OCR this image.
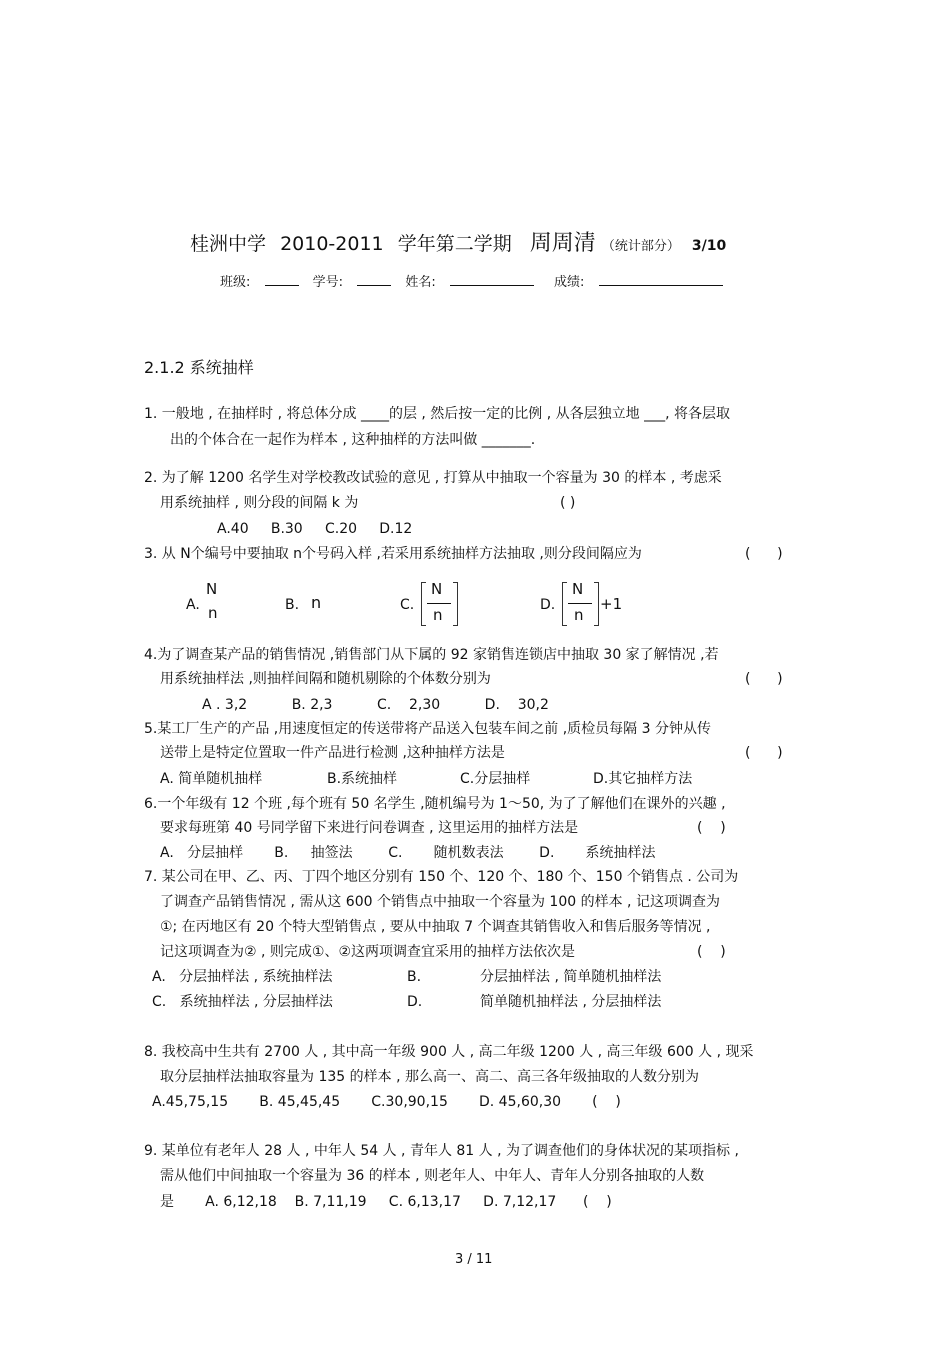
桂洲中学 2010-2011 学年第二学期 周周清 （统计部分） 3/10
班级:	学号:	姓名:	成绩:
2.1.2 系统抽样
1. 一般地 , 在抽样时 , 将总体分成 ____的层 , 然后按一定的比例 , 从各层独立地 ___, 将各层取
出的个体合在一起作为样本 , 这种抽样的方法叫做 _______.
2. 为了解 1200 名学生对学校教改试验的意见 , 打算从中抽取一个容量为 30 的样本 , 考虑采
用系统抽样 , 则分段的间隔 k 为	( )
A.40     B.30     C.20     D.12
3. 从 N个编号中要抽取 n个号码入样 ,若采用系统抽样方法抽取 ,则分段间隔应为	(      )
A.
N
n	B. n	C.
N
n
D.
N
n
+1
4.为了调查某产品的销售情况 ,销售部门从下属的 92 家销售连锁店中抽取 30 家了解情况 ,若
用系统抽样法 ,则抽样间隔和随机剔除的个体数分别为	(      )
A . 3,2          B. 2,3          C.    2,30          D.    30,2
5.某工厂生产的产品 ,用速度恒定的传送带将产品送入包装车间之前 ,质检员每隔 3 分钟从传
送带上是特定位置取一件产品进行检测 ,这种抽样方法是	(      )
A. 简单随机抽样	B.系统抽样	C.分层抽样	D.其它抽样方法
6.一个年级有 12 个班 ,每个班有 50 名学生 ,随机编号为 1～50, 为了了解他们在课外的兴趣 ,
要求每班第 40 号同学留下来进行问卷调查 , 这里运用的抽样方法是	(    )
A.   分层抽样       B.     抽签法        C.       随机数表法        D.       系统抽样法
7. 某公司在甲、乙、丙、丁四个地区分别有 150 个、120 个、180 个、150 个销售点 . 公司为
了调查产品销售情况 , 需从这 600 个销售点中抽取一个容量为 100 的样本 , 记这项调查为
①; 在丙地区有 20 个特大型销售点 , 要从中抽取 7 个调查其销售收入和售后服务等情况 ,
记这项调查为② , 则完成①、②这两项调查宜采用的抽样方法依次是	(    )
A.   分层抽样法 , 系统抽样法	B.	分层抽样法 , 简单随机抽样法
C.   系统抽样法 , 分层抽样法	D.	简单随机抽样法 , 分层抽样法
8. 我校高中生共有 2700 人 , 其中高一年级 900 人 , 高二年级 1200 人 , 高三年级 600 人 , 现采
取分层抽样法抽取容量为 135 的样本 , 那么高一、高二、高三各年级抽取的人数分别为
A.45,75,15       B. 45,45,45       C.30,90,15       D. 45,60,30       (    )
9. 某单位有老年人 28 人 , 中年人 54 人 , 青年人 81 人 , 为了调查他们的身体状况的某项指标 ,
需从他们中间抽取一个容量为 36 的样本 , 则老年人、中年人、青年人分别各抽取的人数
是       A. 6,12,18    B. 7,11,19     C. 6,13,17     D. 7,12,17      (    )
3 / 11
